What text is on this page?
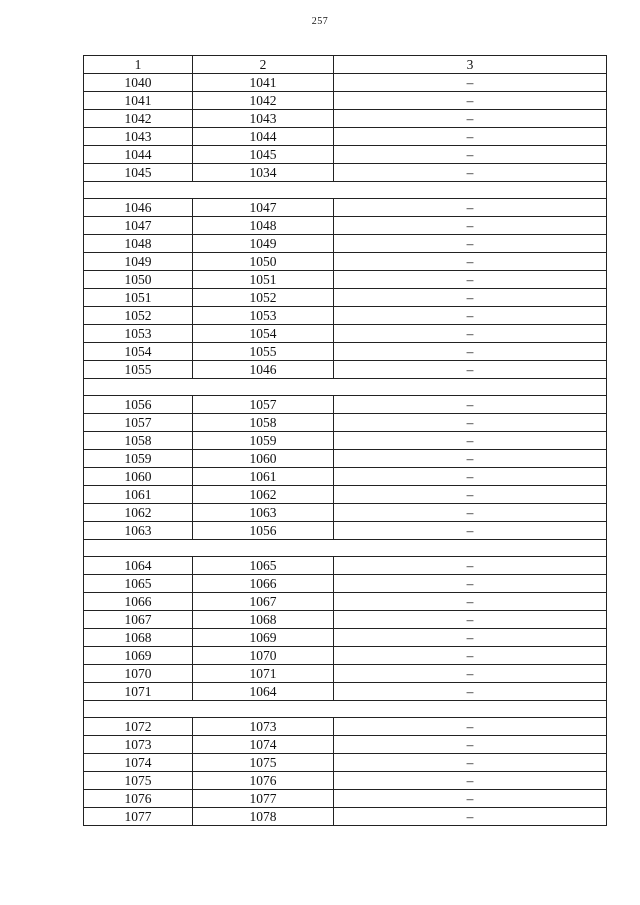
257
1	2	3
1040	1041	–
1041	1042	–
1042	1043	–
1043	1044	–
1044	1045	–
1045	1034	–

1046	1047	–
1047	1048	–
1048	1049	–
1049	1050	–
1050	1051	–
1051	1052	–
1052	1053	–
1053	1054	–
1054	1055	–
1055	1046	–

1056	1057	–
1057	1058	–
1058	1059	–
1059	1060	–
1060	1061	–
1061	1062	–
1062	1063	–
1063	1056	–

1064	1065	–
1065	1066	–
1066	1067	–
1067	1068	–
1068	1069	–
1069	1070	–
1070	1071	–
1071	1064	–

1072	1073	–
1073	1074	–
1074	1075	–
1075	1076	–
1076	1077	–
1077	1078	–
